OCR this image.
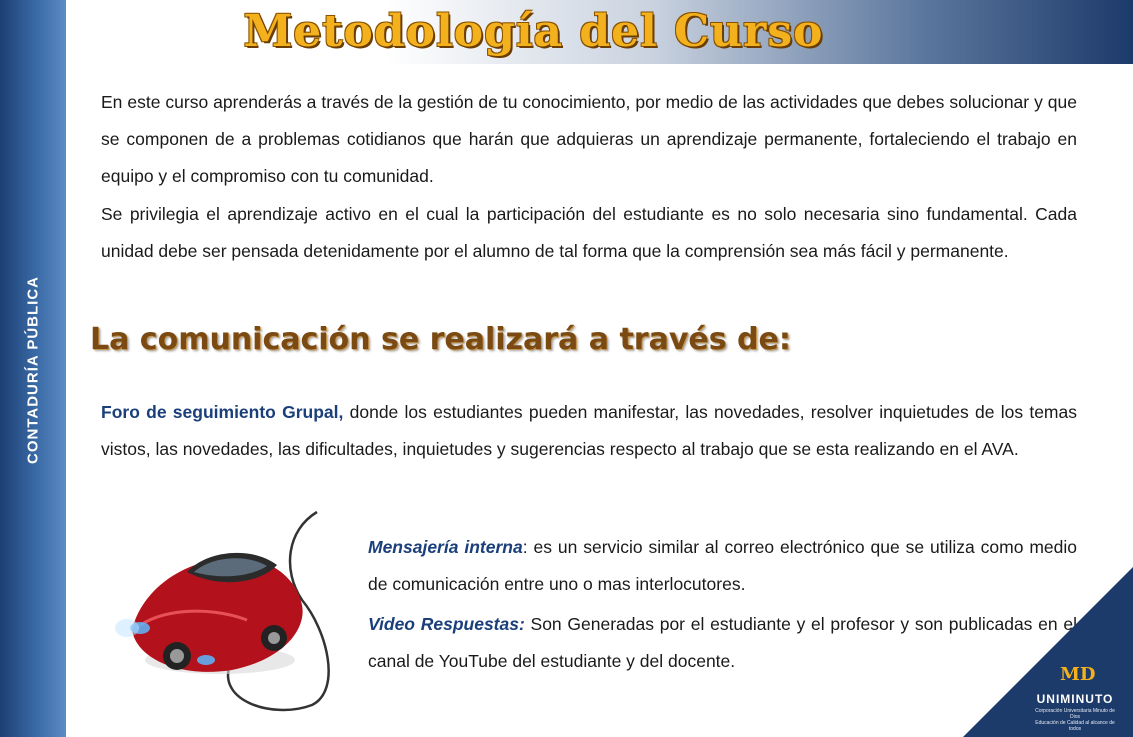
CONTADURÍA PÚBLICA
Metodología del Curso

En este curso aprenderás a través de la gestión de tu conocimiento, por medio de las actividades que debes solucionar y que se componen de a problemas cotidianos que harán que adquieras un aprendizaje permanente, fortaleciendo el trabajo en equipo y el compromiso con tu comunidad.

Se privilegia el aprendizaje activo en el cual la participación del estudiante es no solo necesaria sino fundamental. Cada unidad debe ser pensada detenidamente por el alumno de tal forma que la comprensión sea más fácil y permanente.

La comunicación se realizará a través de:

Foro de seguimiento Grupal, donde los estudiantes pueden manifestar, las novedades, resolver inquietudes de los temas vistos, las novedades, las dificultades, inquietudes y sugerencias respecto al trabajo que se esta realizando en el AVA.

Mensajería interna: es un servicio similar al correo electrónico que se utiliza como medio de comunicación entre uno o mas interlocutores.

Video Respuestas: Son Generadas por el estudiante y el profesor y son publicadas en el canal de YouTube del estudiante y del docente.

MD
UNIMINUTO
Corporación Universitaria Minuto de Dios
Educación de Calidad al alcance de todos
